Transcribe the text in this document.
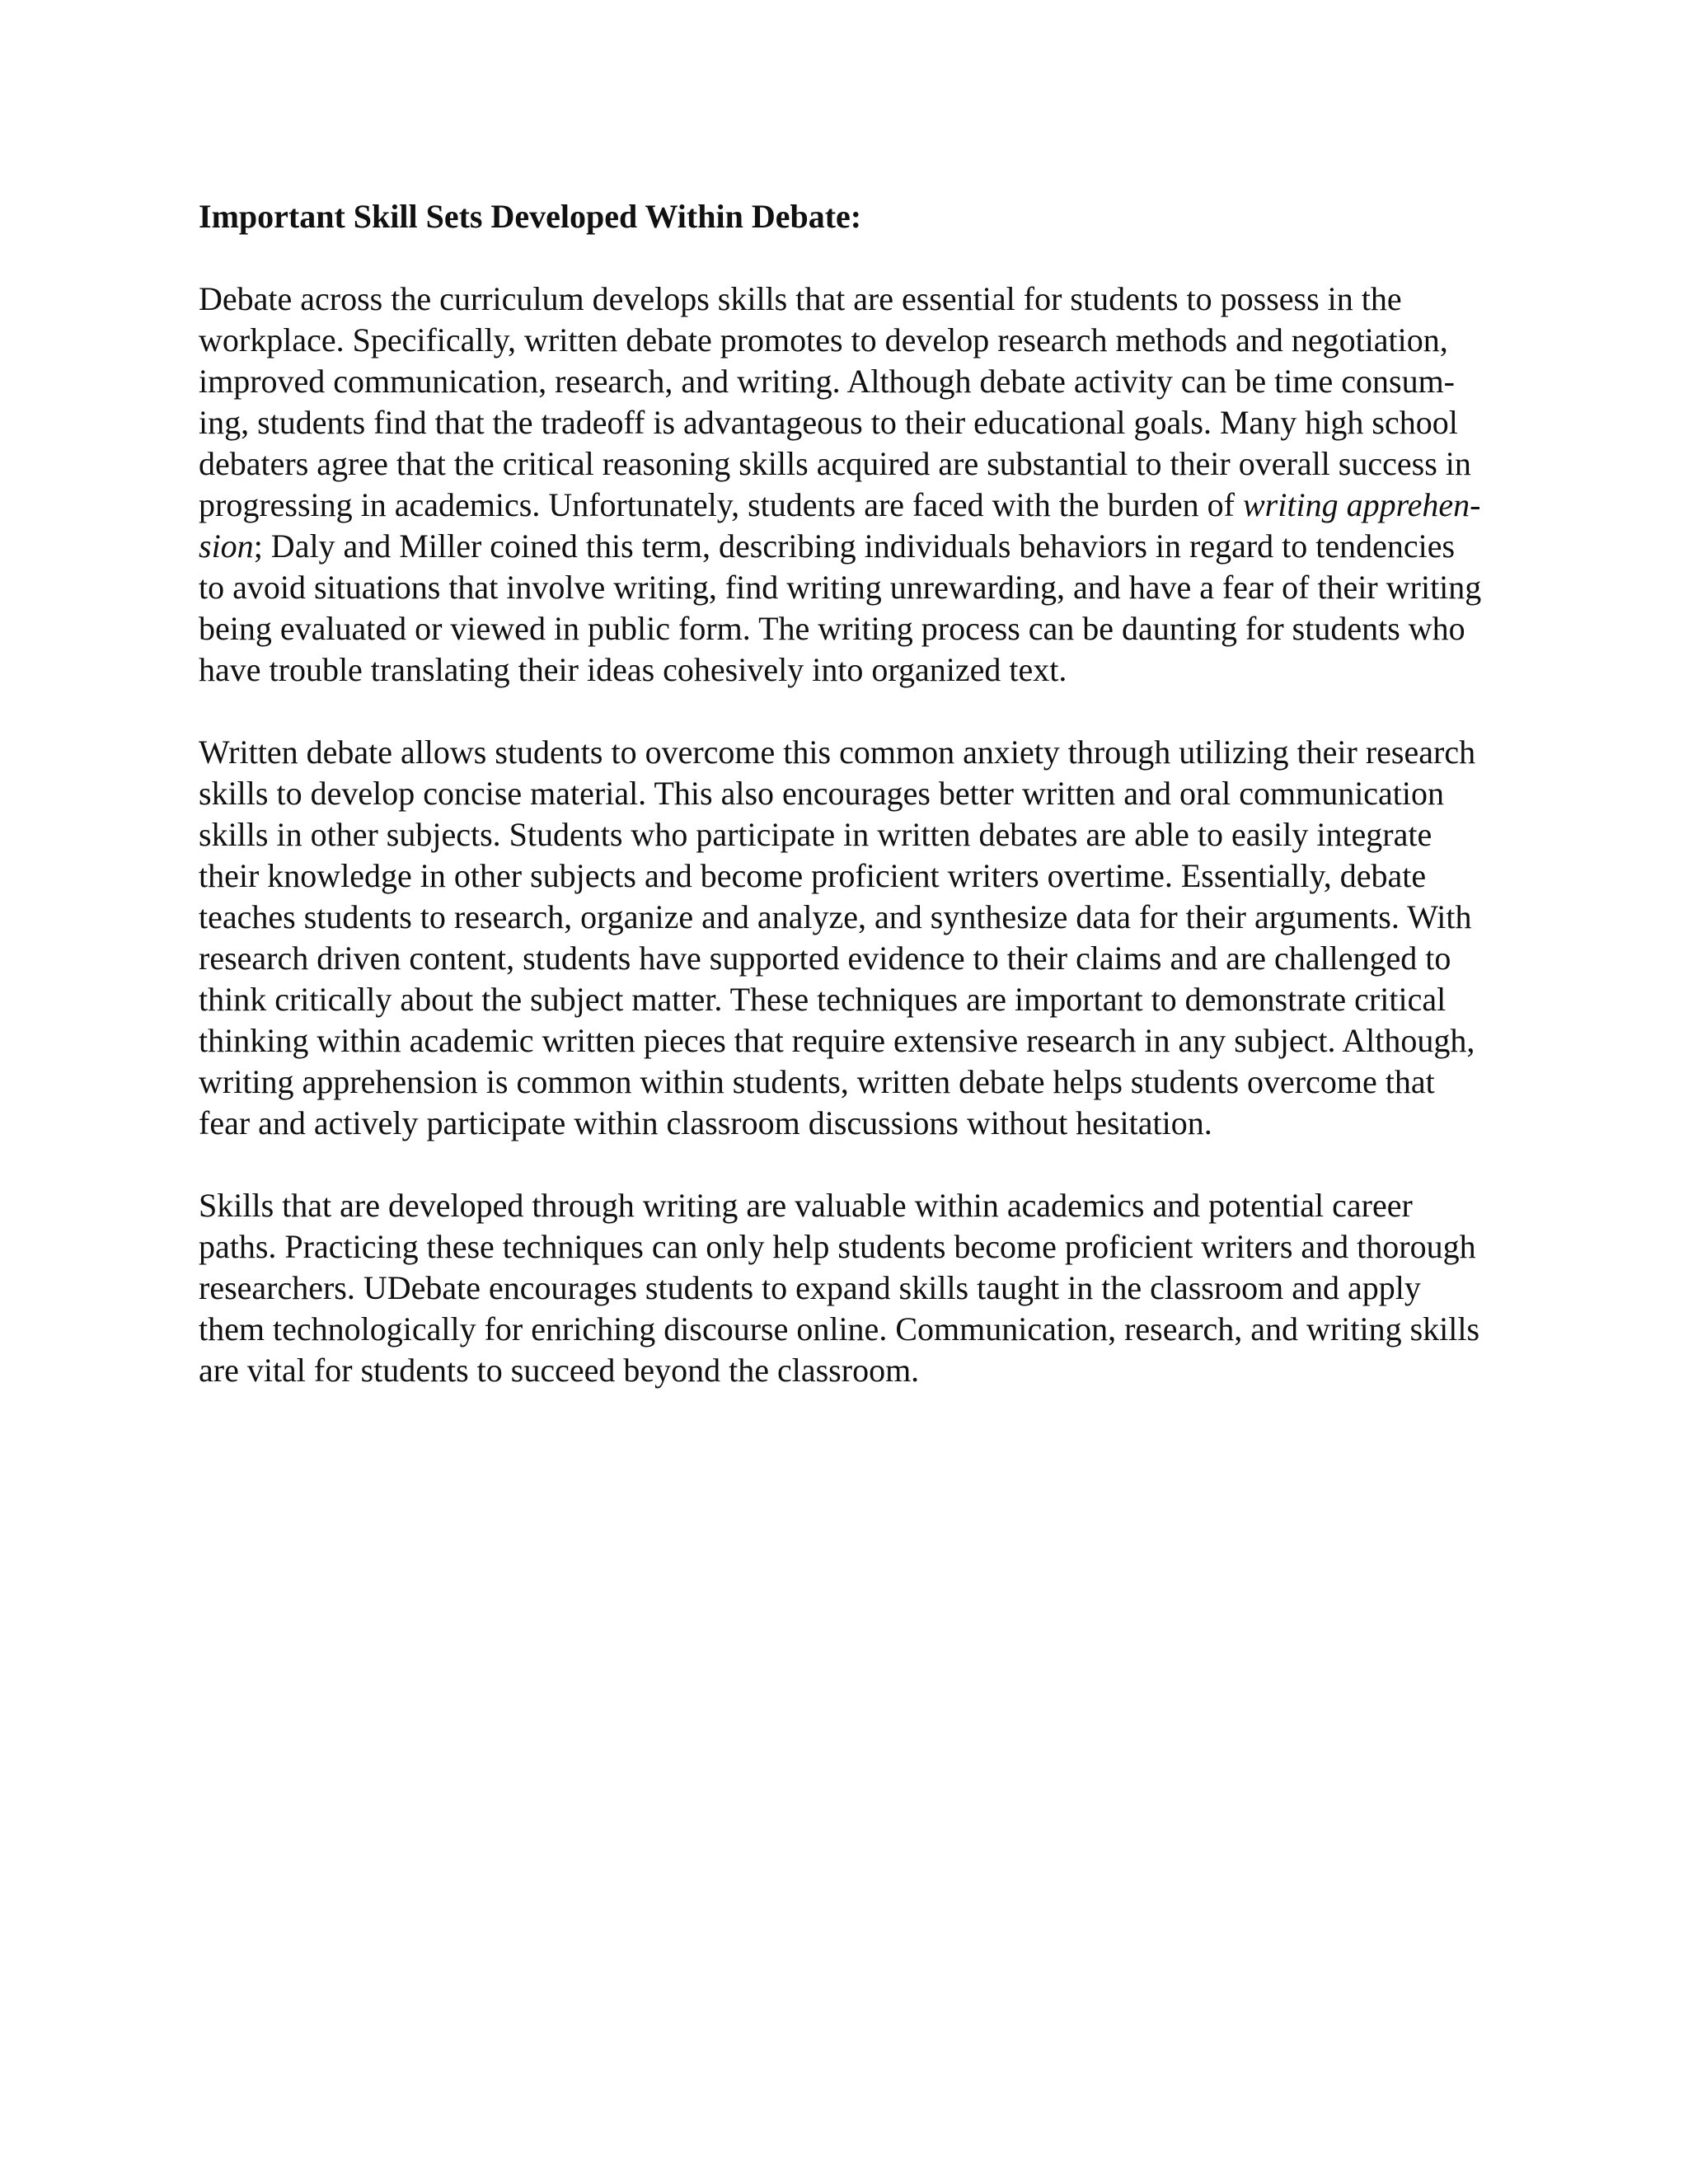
Important Skill Sets Developed Within Debate:
Debate across the curriculum develops skills that are essential for students to possess in the
workplace. Specifically, written debate promotes to develop research methods and negotiation,
improved communication, research, and writing. Although debate activity can be time consum-
ing, students find that the tradeoff is advantageous to their educational goals. Many high school
debaters agree that the critical reasoning skills acquired are substantial to their overall success in
progressing in academics. Unfortunately, students are faced with the burden of writing apprehen-
sion; Daly and Miller coined this term, describing individuals behaviors in regard to tendencies
to avoid situations that involve writing, find writing unrewarding, and have a fear of their writing
being evaluated or viewed in public form. The writing process can be daunting for students who
have trouble translating their ideas cohesively into organized text.
Written debate allows students to overcome this common anxiety through utilizing their research
skills to develop concise material. This also encourages better written and oral communication
skills in other subjects. Students who participate in written debates are able to easily integrate
their knowledge in other subjects and become proficient writers overtime. Essentially, debate
teaches students to research, organize and analyze, and synthesize data for their arguments. With
research driven content, students have supported evidence to their claims and are challenged to
think critically about the subject matter. These techniques are important to demonstrate critical
thinking within academic written pieces that require extensive research in any subject. Although,
writing apprehension is common within students, written debate helps students overcome that
fear and actively participate within classroom discussions without hesitation.
Skills that are developed through writing are valuable within academics and potential career
paths. Practicing these techniques can only help students become proficient writers and thorough
researchers. UDebate encourages students to expand skills taught in the classroom and apply
them technologically for enriching discourse online. Communication, research, and writing skills
are vital for students to succeed beyond the classroom.
